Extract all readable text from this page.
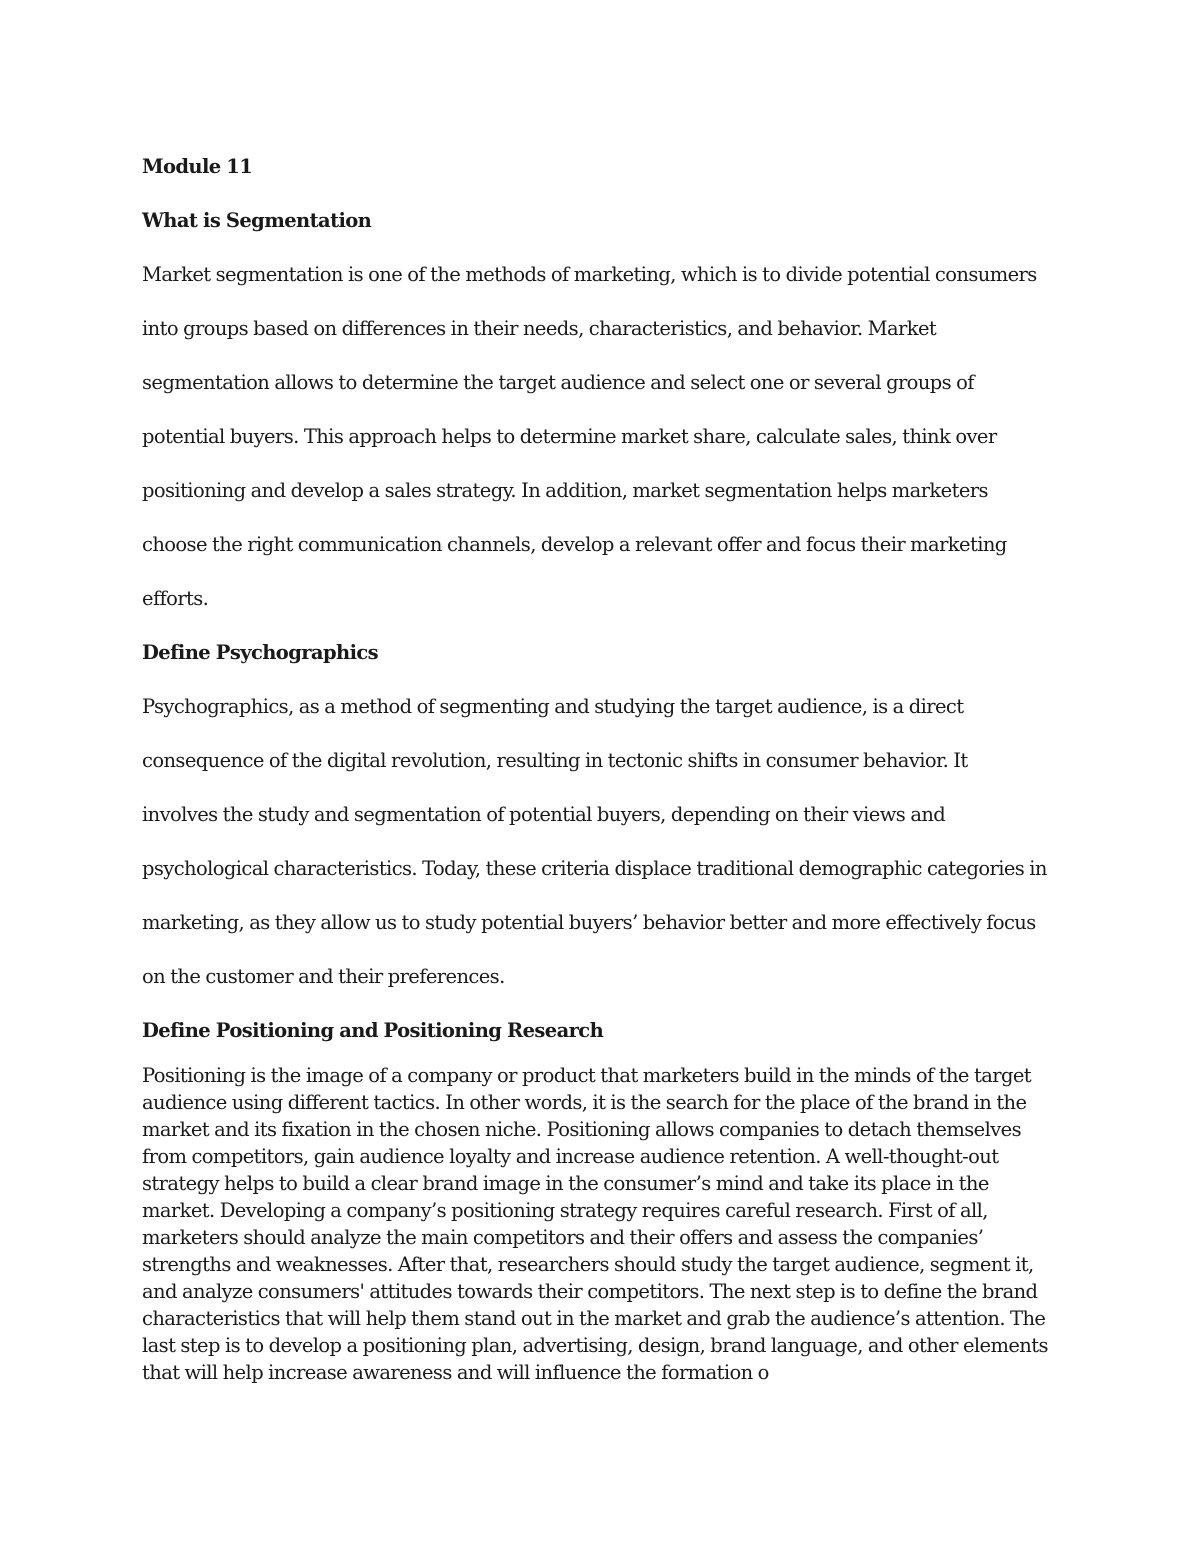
Module 11
What is Segmentation
Market segmentation is one of the methods of marketing, which is to divide potential consumers
into groups based on differences in their needs, characteristics, and behavior. Market
segmentation allows to determine the target audience and select one or several groups of
potential buyers. This approach helps to determine market share, calculate sales, think over
positioning and develop a sales strategy. In addition, market segmentation helps marketers
choose the right communication channels, develop a relevant offer and focus their marketing
efforts.
Define Psychographics
Psychographics, as a method of segmenting and studying the target audience, is a direct
consequence of the digital revolution, resulting in tectonic shifts in consumer behavior. It
involves the study and segmentation of potential buyers, depending on their views and
psychological characteristics. Today, these criteria displace traditional demographic categories in
marketing, as they allow us to study potential buyers’ behavior better and more effectively focus
on the customer and their preferences.
Define Positioning and Positioning Research
Positioning is the image of a company or product that marketers build in the minds of the target
audience using different tactics. In other words, it is the search for the place of the brand in the
market and its fixation in the chosen niche. Positioning allows companies to detach themselves
from competitors, gain audience loyalty and increase audience retention. A well-thought-out
strategy helps to build a clear brand image in the consumer’s mind and take its place in the
market. Developing a company’s positioning strategy requires careful research. First of all,
marketers should analyze the main competitors and their offers and assess the companies’
strengths and weaknesses. After that, researchers should study the target audience, segment it,
and analyze consumers' attitudes towards their competitors. The next step is to define the brand
characteristics that will help them stand out in the market and grab the audience’s attention. The
last step is to develop a positioning plan, advertising, design, brand language, and other elements
that will help increase awareness and will influence the formation o
